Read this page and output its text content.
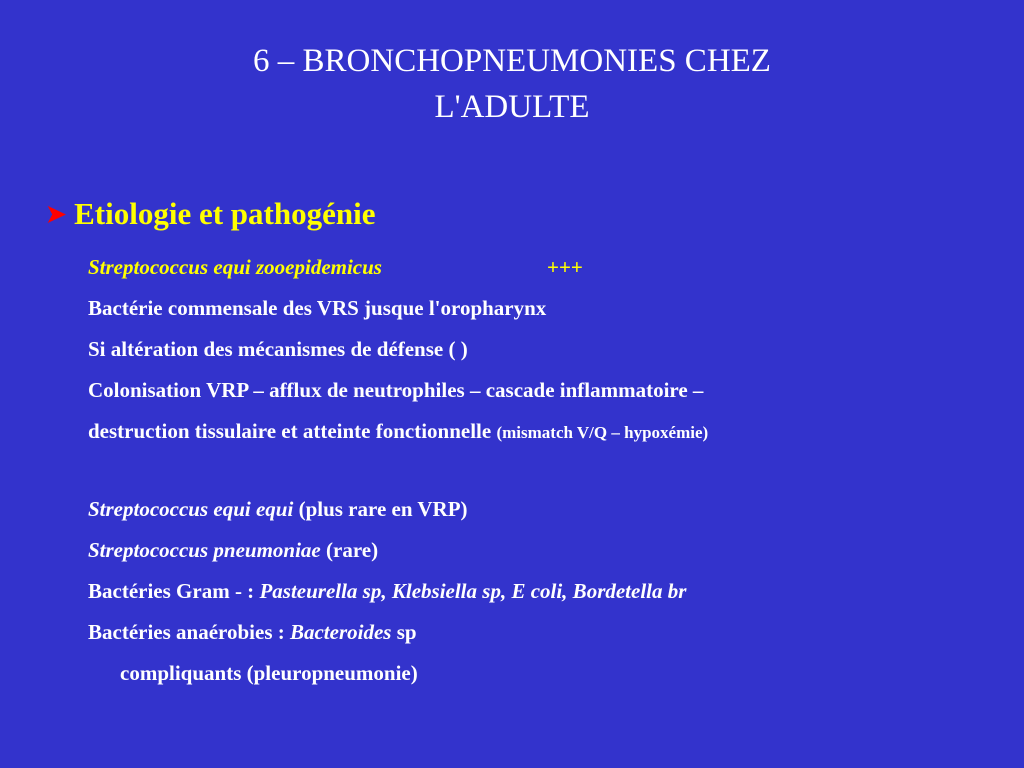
6 – BRONCHOPNEUMONIES CHEZ
L'ADULTE
➤ Etiologie et pathogénie
Streptococcus equi zooepidemicus	+++
Bactérie commensale des VRS jusque l'oropharynx
Si altération des mécanismes de défense ( )
Colonisation VRP – afflux de neutrophiles – cascade inflammatoire –
destruction tissulaire et atteinte fonctionnelle (mismatch V/Q – hypoxémie)
Streptococcus equi equi (plus rare en VRP)
Streptococcus pneumoniae (rare)
Bactéries Gram - : Pasteurella sp, Klebsiella sp, E coli, Bordetella br
Bactéries anaérobies : Bacteroides sp
compliquants (pleuropneumonie)
